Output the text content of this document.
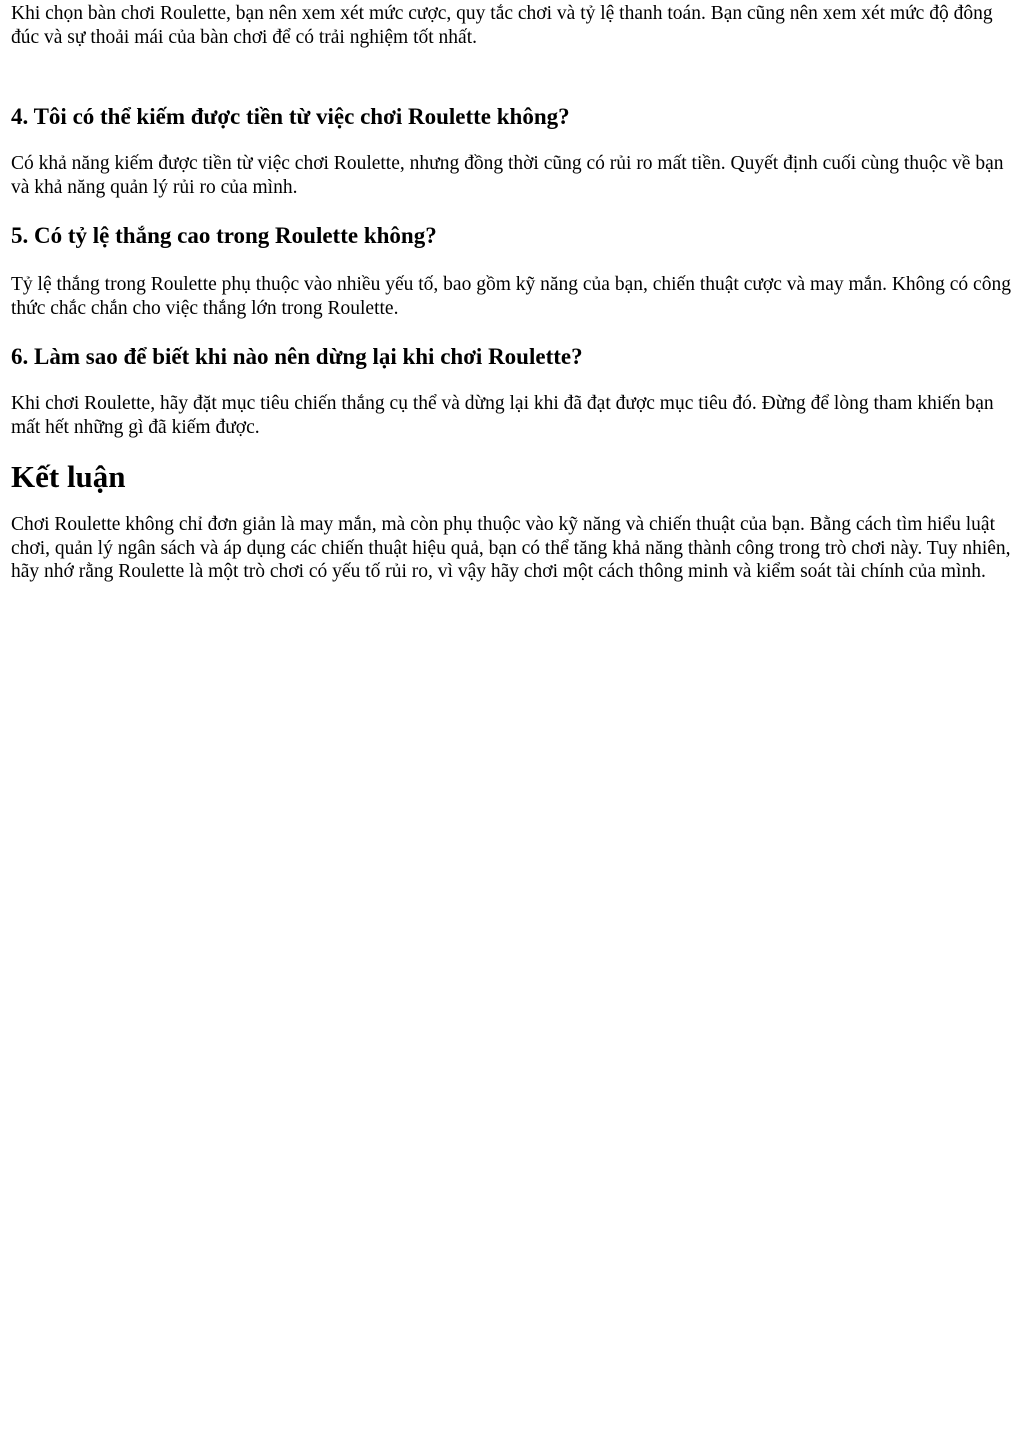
Khi chọn bàn chơi Roulette, bạn nên xem xét mức cược, quy tắc chơi và tỷ lệ thanh toán. Bạn cũng nên xem xét mức độ đông đúc và sự thoải mái của bàn chơi để có trải nghiệm tốt nhất.

4. Tôi có thể kiếm được tiền từ việc chơi Roulette không?

Có khả năng kiếm được tiền từ việc chơi Roulette, nhưng đồng thời cũng có rủi ro mất tiền. Quyết định cuối cùng thuộc về bạn và khả năng quản lý rủi ro của mình.

5. Có tỷ lệ thắng cao trong Roulette không?

Tỷ lệ thắng trong Roulette phụ thuộc vào nhiều yếu tố, bao gồm kỹ năng của bạn, chiến thuật cược và may mắn. Không có công thức chắc chắn cho việc thắng lớn trong Roulette.

6. Làm sao để biết khi nào nên dừng lại khi chơi Roulette?

Khi chơi Roulette, hãy đặt mục tiêu chiến thắng cụ thể và dừng lại khi đã đạt được mục tiêu đó. Đừng để lòng tham khiến bạn mất hết những gì đã kiếm được.

Kết luận

Chơi Roulette không chỉ đơn giản là may mắn, mà còn phụ thuộc vào kỹ năng và chiến thuật của bạn. Bằng cách tìm hiểu luật chơi, quản lý ngân sách và áp dụng các chiến thuật hiệu quả, bạn có thể tăng khả năng thành công trong trò chơi này. Tuy nhiên, hãy nhớ rằng Roulette là một trò chơi có yếu tố rủi ro, vì vậy hãy chơi một cách thông minh và kiểm soát tài chính của mình.
